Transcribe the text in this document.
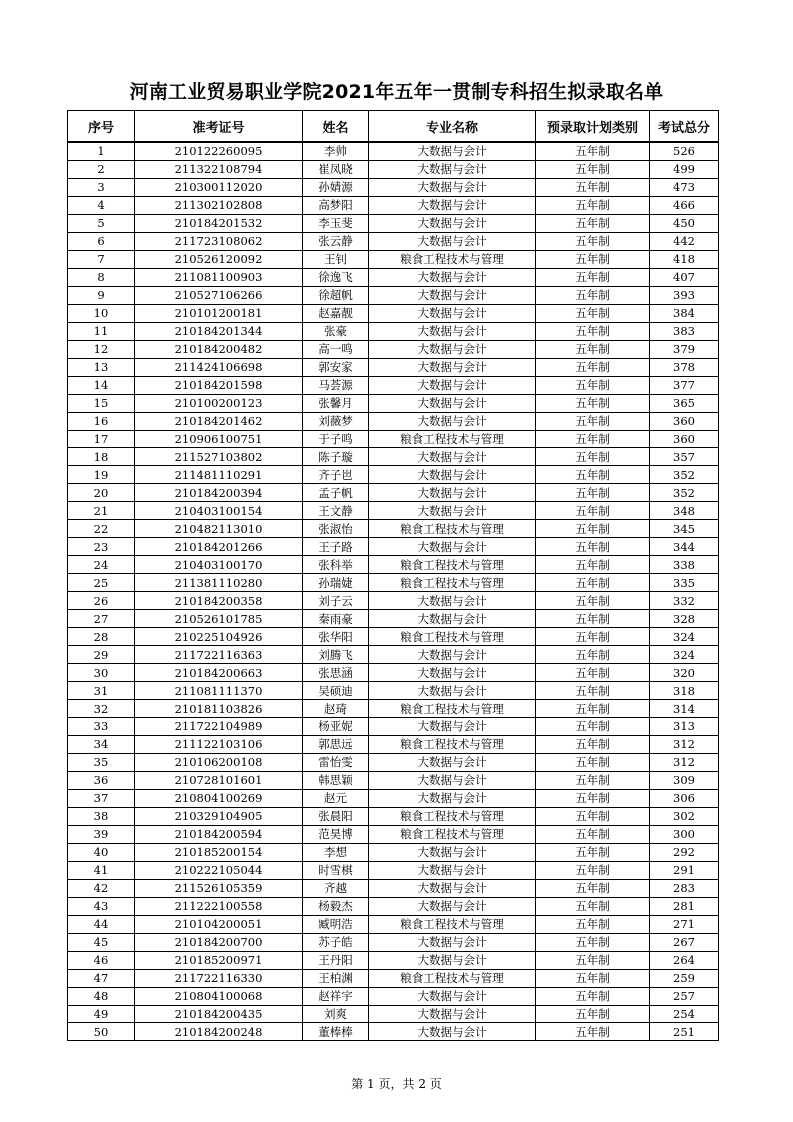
河南工业贸易职业学院2021年五年一贯制专科招生拟录取名单
序号	准考证号	姓名	专业名称	预录取计划类别	考试总分
1	210122260095	李帅	大数据与会计	五年制	526
2	211322108794	崔凤晓	大数据与会计	五年制	499
3	210300112020	孙婧源	大数据与会计	五年制	473
4	211302102808	高梦阳	大数据与会计	五年制	466
5	210184201532	李玉斐	大数据与会计	五年制	450
6	211723108062	张云静	大数据与会计	五年制	442
7	210526120092	王钊	粮食工程技术与管理	五年制	418
8	211081100903	徐逸飞	大数据与会计	五年制	407
9	210527106266	徐超帆	大数据与会计	五年制	393
10	210101200181	赵嘉靓	大数据与会计	五年制	384
11	210184201344	张豪	大数据与会计	五年制	383
12	210184200482	高一鸣	大数据与会计	五年制	379
13	211424106698	郭安家	大数据与会计	五年制	378
14	210184201598	马荟源	大数据与会计	五年制	377
15	210100200123	张馨月	大数据与会计	五年制	365
16	210184201462	刘薇梦	大数据与会计	五年制	360
17	210906100751	于子鸣	粮食工程技术与管理	五年制	360
18	211527103802	陈子璇	大数据与会计	五年制	357
19	211481110291	齐子岜	大数据与会计	五年制	352
20	210184200394	孟子帆	大数据与会计	五年制	352
21	210403100154	王文静	大数据与会计	五年制	348
22	210482113010	张淑怡	粮食工程技术与管理	五年制	345
23	210184201266	王子路	大数据与会计	五年制	344
24	210403100170	张科举	粮食工程技术与管理	五年制	338
25	211381110280	孙瑞婕	粮食工程技术与管理	五年制	335
26	210184200358	刘子云	大数据与会计	五年制	332
27	210526101785	秦雨豪	大数据与会计	五年制	328
28	210225104926	张华阳	粮食工程技术与管理	五年制	324
29	211722116363	刘腾飞	大数据与会计	五年制	324
30	210184200663	张思涵	大数据与会计	五年制	320
31	211081111370	吴硕迪	大数据与会计	五年制	318
32	210181103826	赵琦	粮食工程技术与管理	五年制	314
33	211722104989	杨亚妮	大数据与会计	五年制	313
34	211122103106	郭思远	粮食工程技术与管理	五年制	312
35	210106200108	雷怡雯	大数据与会计	五年制	312
36	210728101601	韩思颖	大数据与会计	五年制	309
37	210804100269	赵元	大数据与会计	五年制	306
38	210329104905	张晨阳	粮食工程技术与管理	五年制	302
39	210184200594	范昊博	粮食工程技术与管理	五年制	300
40	210185200154	李想	大数据与会计	五年制	292
41	210222105044	时雪棋	大数据与会计	五年制	291
42	211526105359	齐越	大数据与会计	五年制	283
43	211222100558	杨毅杰	大数据与会计	五年制	281
44	210104200051	臧明浩	粮食工程技术与管理	五年制	271
45	210184200700	苏子皓	大数据与会计	五年制	267
46	210185200971	王丹阳	大数据与会计	五年制	264
47	211722116330	王柏渊	粮食工程技术与管理	五年制	259
48	210804100068	赵祥宇	大数据与会计	五年制	257
49	210184200435	刘爽	大数据与会计	五年制	254
50	210184200248	董棒棒	大数据与会计	五年制	251
第 1 页，共 2 页
